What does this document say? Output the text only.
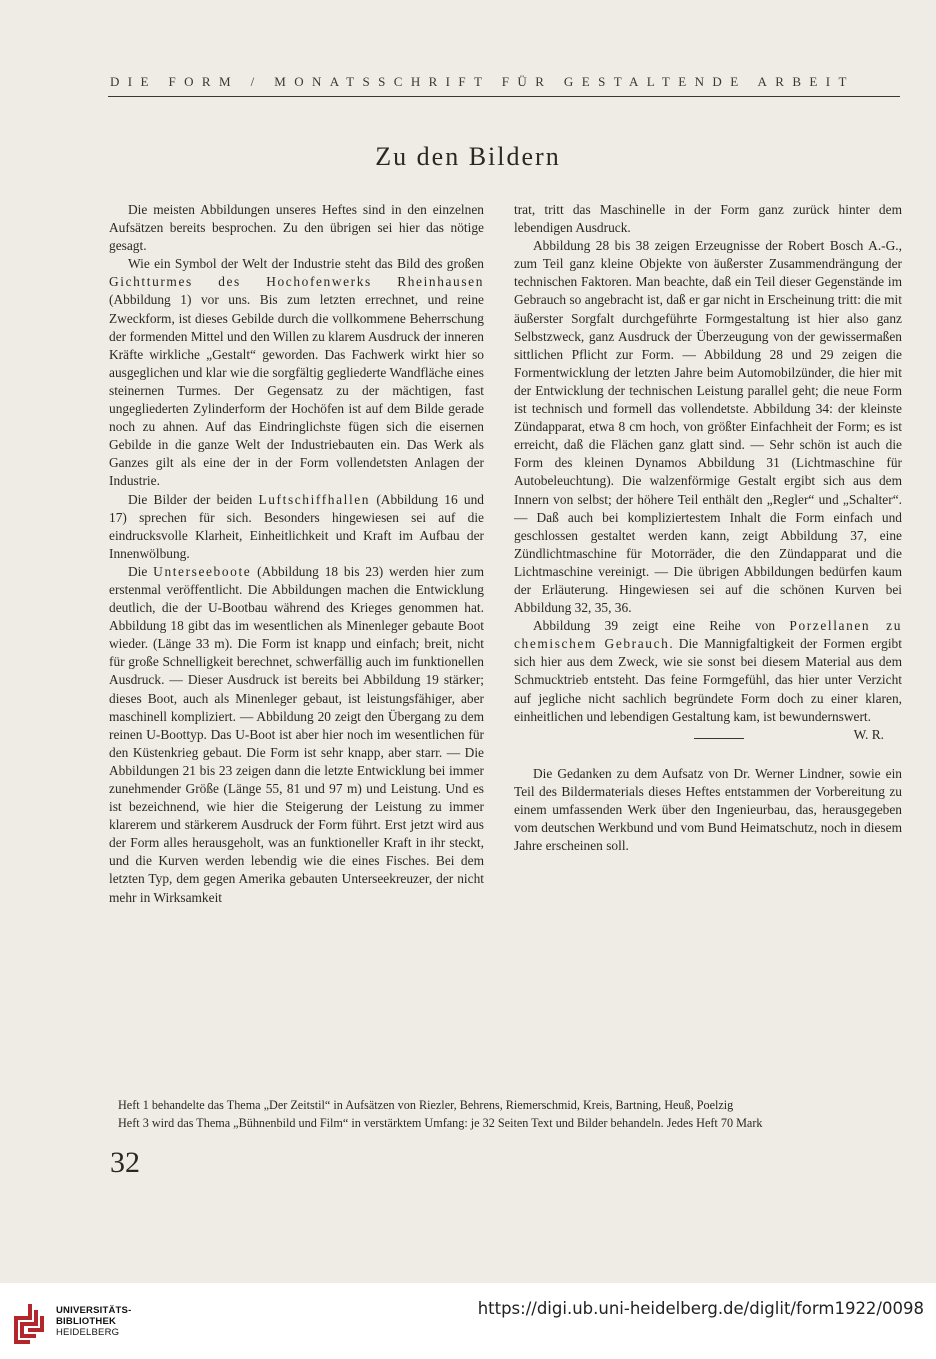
DIE FORM / MONATSSCHRIFT FÜR GESTALTENDE ARBEIT
Zu den Bildern

Die meisten Abbildungen unseres Heftes sind in den einzelnen Aufsätzen bereits besprochen. Zu den übrigen sei hier das nötige gesagt.

Wie ein Symbol der Welt der Industrie steht das Bild des großen Gichtturmes des Hochofenwerks Rheinhausen (Abbildung 1) vor uns. Bis zum letzten errechnet, und reine Zweckform, ist dieses Gebilde durch die vollkommene Beherrschung der formenden Mittel und den Willen zu klarem Ausdruck der inneren Kräfte wirkliche „Gestalt“ geworden. Das Fachwerk wirkt hier so ausgeglichen und klar wie die sorgfältig gegliederte Wandfläche eines steinernen Turmes. Der Gegensatz zu der mächtigen, fast ungegliederten Zylinderform der Hochöfen ist auf dem Bilde gerade noch zu ahnen. Auf das Eindringlichste fügen sich die eisernen Gebilde in die ganze Welt der Industriebauten ein. Das Werk als Ganzes gilt als eine der in der Form vollendetsten Anlagen der Industrie.

Die Bilder der beiden Luftschiffhallen (Abbildung 16 und 17) sprechen für sich. Besonders hingewiesen sei auf die eindrucksvolle Klarheit, Einheitlichkeit und Kraft im Aufbau der Innenwölbung.

Die Unterseeboote (Abbildung 18 bis 23) werden hier zum erstenmal veröffentlicht. Die Abbildungen machen die Entwicklung deutlich, die der U-Bootbau während des Krieges genommen hat. Abbildung 18 gibt das im wesentlichen als Minenleger gebaute Boot wieder. (Länge 33 m). Die Form ist knapp und einfach; breit, nicht für große Schnelligkeit berechnet, schwerfällig auch im funktionellen Ausdruck. — Dieser Ausdruck ist bereits bei Abbildung 19 stärker; dieses Boot, auch als Minenleger gebaut, ist leistungsfähiger, aber maschinell kompliziert. — Abbildung 20 zeigt den Übergang zu dem reinen U-Boottyp. Das U-Boot ist aber hier noch im wesentlichen für den Küstenkrieg gebaut. Die Form ist sehr knapp, aber starr. — Die Abbildungen 21 bis 23 zeigen dann die letzte Entwicklung bei immer zunehmender Größe (Länge 55, 81 und 97 m) und Leistung. Und es ist bezeichnend, wie hier die Steigerung der Leistung zu immer klarerem und stärkerem Ausdruck der Form führt. Erst jetzt wird aus der Form alles herausgeholt, was an funktioneller Kraft in ihr steckt, und die Kurven werden lebendig wie die eines Fisches. Bei dem letzten Typ, dem gegen Amerika gebauten Unterseekreuzer, der nicht mehr in Wirksamkeit

trat, tritt das Maschinelle in der Form ganz zurück hinter dem lebendigen Ausdruck.

Abbildung 28 bis 38 zeigen Erzeugnisse der Robert Bosch A.-G., zum Teil ganz kleine Objekte von äußerster Zusammendrängung der technischen Faktoren. Man beachte, daß ein Teil dieser Gegenstände im Gebrauch so angebracht ist, daß er gar nicht in Erscheinung tritt: die mit äußerster Sorgfalt durchgeführte Formgestaltung ist hier also ganz Selbstzweck, ganz Ausdruck der Überzeugung von der gewissermaßen sittlichen Pflicht zur Form. — Abbildung 28 und 29 zeigen die Formentwicklung der letzten Jahre beim Automobilzünder, die hier mit der Entwicklung der technischen Leistung parallel geht; die neue Form ist technisch und formell das vollendetste. Abbildung 34: der kleinste Zündapparat, etwa 8 cm hoch, von größter Einfachheit der Form; es ist erreicht, daß die Flächen ganz glatt sind. — Sehr schön ist auch die Form des kleinen Dynamos Abbildung 31 (Lichtmaschine für Autobeleuchtung). Die walzenförmige Gestalt ergibt sich aus dem Innern von selbst; der höhere Teil enthält den „Regler“ und „Schalter“. — Daß auch bei kompliziertestem Inhalt die Form einfach und geschlossen gestaltet werden kann, zeigt Abbildung 37, eine Zündlichtmaschine für Motorräder, die den Zündapparat und die Lichtmaschine vereinigt. — Die übrigen Abbildungen bedürfen kaum der Erläuterung. Hingewiesen sei auf die schönen Kurven bei Abbildung 32, 35, 36.

Abbildung 39 zeigt eine Reihe von Porzellanen zu chemischem Gebrauch. Die Mannigfaltigkeit der Formen ergibt sich hier aus dem Zweck, wie sie sonst bei diesem Material aus dem Schmucktrieb entsteht. Das feine Formgefühl, das hier unter Verzicht auf jegliche nicht sachlich begründete Form doch zu einer klaren, einheitlichen und lebendigen Gestaltung kam, ist bewundernswert.

W. R.

Die Gedanken zu dem Aufsatz von Dr. Werner Lindner, sowie ein Teil des Bildermaterials dieses Heftes entstammen der Vorbereitung zu einem umfassenden Werk über den Ingenieurbau, das, herausgegeben vom deutschen Werkbund und vom Bund Heimatschutz, noch in diesem Jahre erscheinen soll.

Heft 1 behandelte das Thema „Der Zeitstil“ in Aufsätzen von Riezler, Behrens, Riemerschmid, Kreis, Bartning, Heuß, Poelzig
Heft 3 wird das Thema „Bühnenbild und Film“ in verstärktem Umfang: je 32 Seiten Text und Bilder behandeln. Jedes Heft 70 Mark
32
UNIVERSITÄTS-
BIBLIOTHEK
HEIDELBERG
https://digi.ub.uni-heidelberg.de/diglit/form1922/0098
